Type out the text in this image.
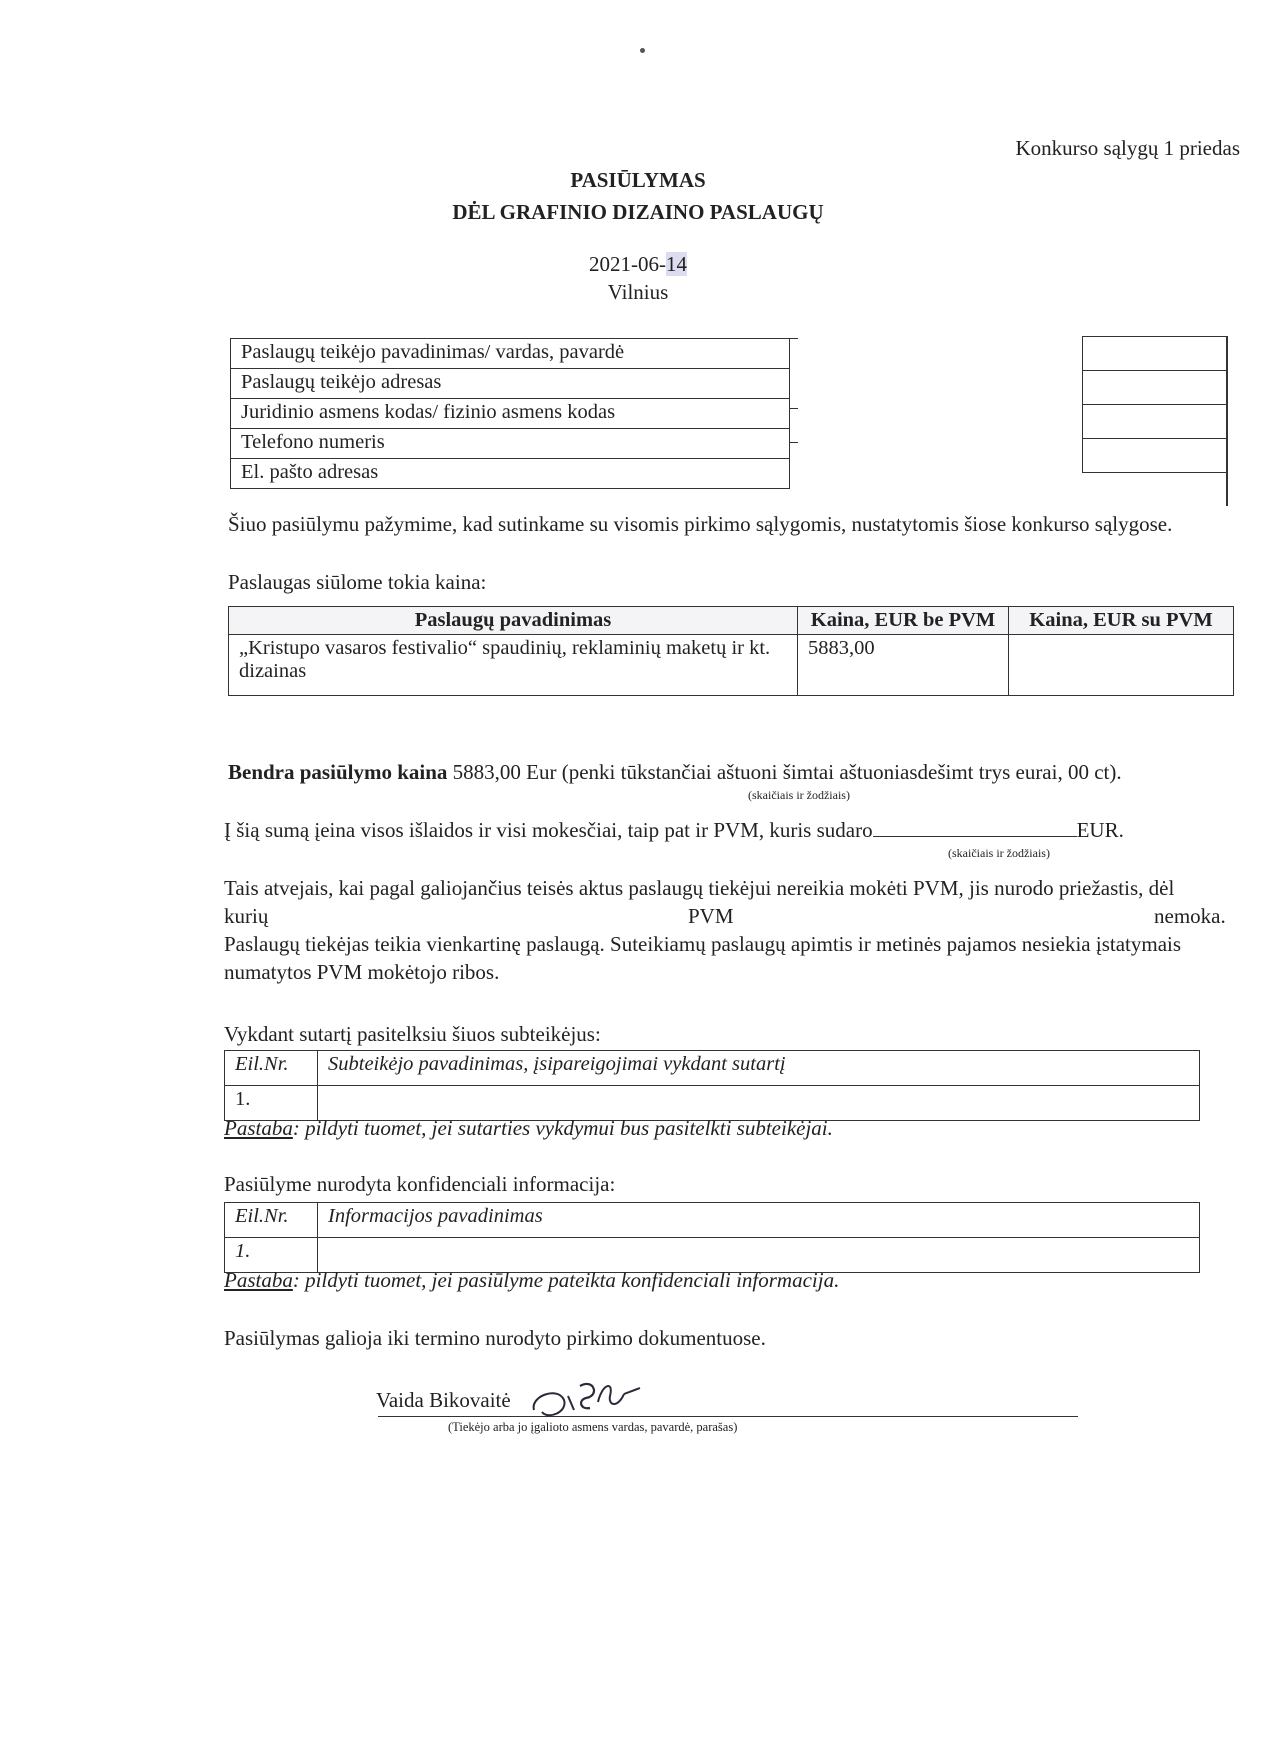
Konkurso sąlygų 1 priedas
PASIŪLYMAS
DĖL GRAFINIO DIZAINO PASLAUGŲ
2021-06-14
Vilnius
Paslaugų teikėjo pavadinimas/ vardas, pavardė
Paslaugų teikėjo adresas
Juridinio asmens kodas/ fizinio asmens kodas
Telefono numeris
El. pašto adresas
Šiuo pasiūlymu pažymime, kad sutinkame su visomis pirkimo sąlygomis, nustatytomis šiose konkurso sąlygose.
Paslaugas siūlome tokia kaina:
Paslaugų pavadinimas	Kaina, EUR be PVM	Kaina, EUR su PVM
„Kristupo vasaros festivalio“ spaudinių, reklaminių maketų ir kt. dizainas	5883,00	
Bendra pasiūlymo kaina 5883,00 Eur (penki tūkstančiai aštuoni šimtai aštuoniasdešimt trys eurai, 00 ct).
(skaičiais ir žodžiais)
Į šią sumą įeina visos išlaidos ir visi mokesčiai, taip pat ir PVM, kuris sudaro	EUR.
(skaičiais ir žodžiais)
Tais atvejais, kai pagal galiojančius teisės aktus paslaugų tiekėjui nereikia mokėti PVM, jis nurodo priežastis, dėl
kurių	PVM	nemoka.
Paslaugų tiekėjas teikia vienkartinę paslaugą. Suteikiamų paslaugų apimtis ir metinės pajamos nesiekia įstatymais
numatytos PVM mokėtojo ribos.
Vykdant sutartį pasitelksiu šiuos subteikėjus:
Eil.Nr.	Subteikėjo pavadinimas, įsipareigojimai vykdant sutartį
1.	
Pastaba: pildyti tuomet, jei sutarties vykdymui bus pasitelkti subteikėjai.
Pasiūlyme nurodyta konfidenciali informacija:
Eil.Nr.	Informacijos pavadinimas
1.	
Pastaba: pildyti tuomet, jei pasiūlyme pateikta konfidenciali informacija.
Pasiūlymas galioja iki termino nurodyto pirkimo dokumentuose.
Vaida Bikovaitė
(Tiekėjo arba jo įgalioto asmens vardas, pavardė, parašas)
